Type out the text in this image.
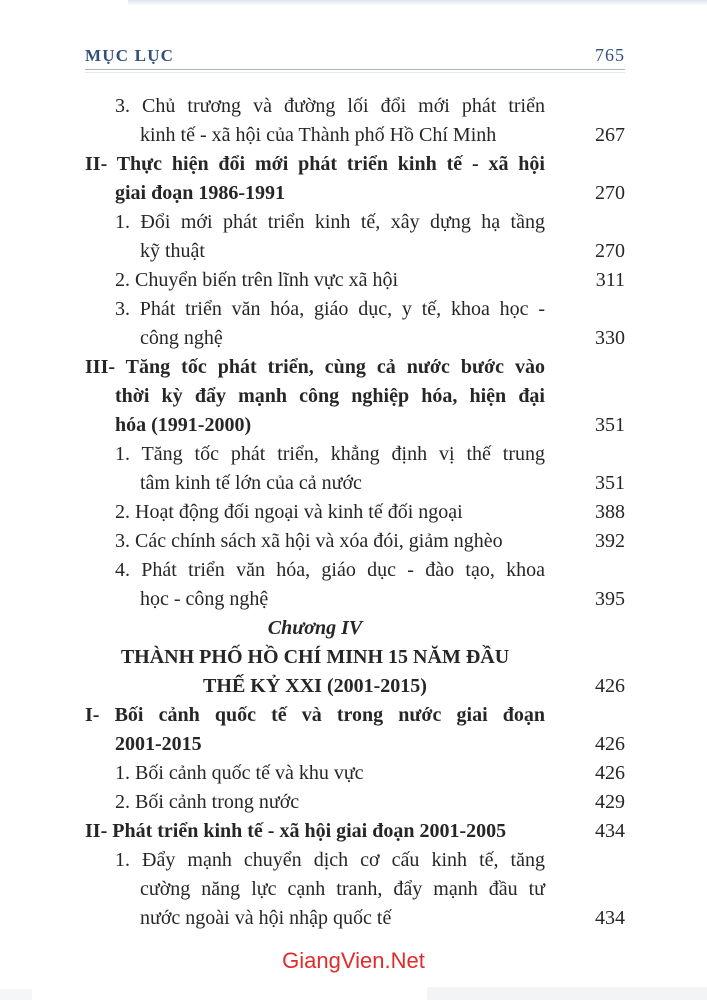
MỤC LỤC	765
3. Chủ trương và đường lối đổi mới phát triển
kinh tế - xã hội của Thành phố Hồ Chí Minh	267
II- Thực hiện đổi mới phát triển kinh tế - xã hội
giai đoạn 1986-1991	270
1. Đổi mới phát triển kinh tế, xây dựng hạ tầng
kỹ thuật	270
2. Chuyển biến trên lĩnh vực xã hội	311
3. Phát triển văn hóa, giáo dục, y tế, khoa học -
công nghệ	330
III- Tăng tốc phát triển, cùng cả nước bước vào
thời kỳ đẩy mạnh công nghiệp hóa, hiện đại
hóa (1991-2000)	351
1. Tăng tốc phát triển, khẳng định vị thế trung
tâm kinh tế lớn của cả nước	351
2. Hoạt động đối ngoại và kinh tế đối ngoại	388
3. Các chính sách xã hội và xóa đói, giảm nghèo	392
4. Phát triển văn hóa, giáo dục - đào tạo, khoa
học - công nghệ	395
Chương IV
THÀNH PHỐ HỒ CHÍ MINH 15 NĂM ĐẦU
THẾ KỶ XXI (2001-2015)	426
I- Bối cảnh quốc tế và trong nước giai đoạn
2001-2015	426
1. Bối cảnh quốc tế và khu vực	426
2. Bối cảnh trong nước	429
II- Phát triển kinh tế - xã hội giai đoạn 2001-2005	434
1. Đẩy mạnh chuyển dịch cơ cấu kinh tế, tăng
cường năng lực cạnh tranh, đẩy mạnh đầu tư
nước ngoài và hội nhập quốc tế	434
GiangVien.Net
